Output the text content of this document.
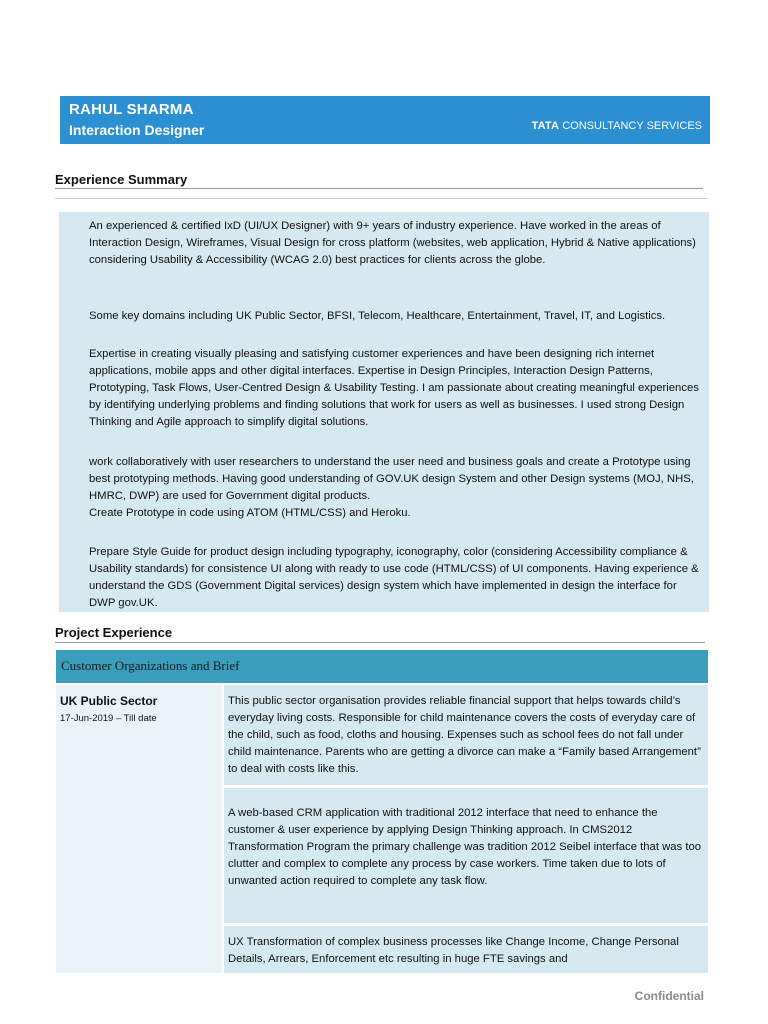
RAHUL SHARMA
Interaction Designer	TATA CONSULTANCY SERVICES
Experience Summary

An experienced & certified IxD (UI/UX Designer) with 9+ years of industry experience. Have worked in the areas of Interaction Design, Wireframes, Visual Design for cross platform (websites, web application, Hybrid & Native applications) considering Usability & Accessibility (WCAG 2.0) best practices for clients across the globe.

Some key domains including UK Public Sector, BFSI, Telecom, Healthcare, Entertainment, Travel, IT, and Logistics.

Expertise in creating visually pleasing and satisfying customer experiences and have been designing rich internet applications, mobile apps and other digital interfaces. Expertise in Design Principles, Interaction Design Patterns, Prototyping, Task Flows, User-Centred Design & Usability Testing. I am passionate about creating meaningful experiences by identifying underlying problems and finding solutions that work for users as well as businesses. I used strong Design Thinking and Agile approach to simplify digital solutions.

work collaboratively with user researchers to understand the user need and business goals and create a Prototype using best prototyping methods. Having good understanding of GOV.UK design System and other Design systems (MOJ, NHS, HMRC, DWP) are used for Government digital products.

Create Prototype in code using ATOM (HTML/CSS) and Heroku.

Prepare Style Guide for product design including typography, iconography, color (considering Accessibility compliance & Usability standards) for consistence UI along with ready to use code (HTML/CSS) of UI components. Having experience & understand the GDS (Government Digital services) design system which have implemented in design the interface for DWP gov.UK.

Project Experience
Customer Organizations and Brief
UK Public Sector
17-Jun-2019 – Till date

This public sector organisation provides reliable financial support that helps towards child’s everyday living costs. Responsible for child maintenance covers the costs of everyday care of the child, such as food, cloths and housing. Expenses such as school fees do not fall under child maintenance. Parents who are getting a divorce can make a “Family based Arrangement” to deal with costs like this.

A web-based CRM application with traditional 2012 interface that need to enhance the customer & user experience by applying Design Thinking approach. In CMS2012 Transformation Program the primary challenge was tradition 2012 Seibel interface that was too clutter and complex to complete any process by case workers. Time taken due to lots of unwanted action required to complete any task flow.

UX Transformation of complex business processes like Change Income, Change Personal Details, Arrears, Enforcement etc resulting in huge FTE savings and

Confidential
